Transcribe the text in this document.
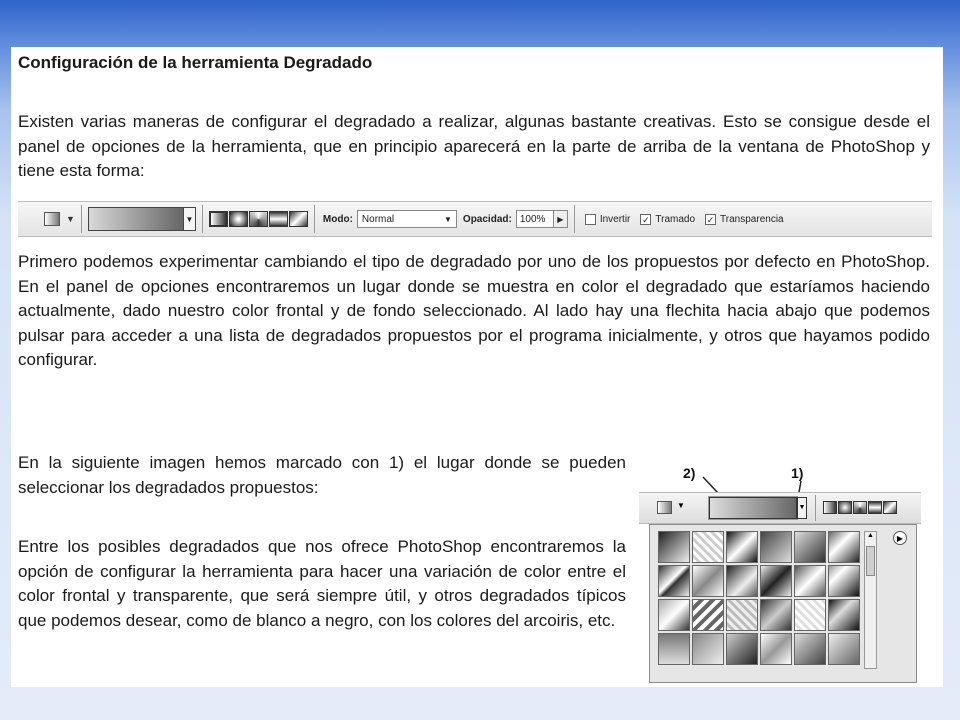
Configuración de la herramienta Degradado

Existen varias maneras de configurar el degradado a realizar, algunas bastante creativas. Esto se consigue desde el panel de opciones de la herramienta, que en principio aparecerá en la parte de arriba de la ventana de PhotoShop y tiene esta forma:

▼	▼	Modo: Normal	▼ Opacidad: 100%	▶	Invertir ✓ Tramado ✓ Transparencia

Primero podemos experimentar cambiando el tipo de degradado por uno de los propuestos por defecto en PhotoShop. En el panel de opciones encontraremos un lugar donde se muestra en color el degradado que estaríamos haciendo actualmente, dado nuestro color frontal y de fondo seleccionado. Al lado hay una flechita hacia abajo que podemos pulsar para acceder a una lista de degradados propuestos por el programa inicialmente, y otros que hayamos podido configurar.

En la siguiente imagen hemos marcado con 1) el lugar donde se pueden seleccionar los degradados propuestos:

Entre los posibles degradados que nos ofrece PhotoShop encontraremos la opción de configurar la herramienta para hacer una variación de color entre el color frontal y transparente, que será siempre útil, y otros degradados típicos que podemos desear, como de blanco a negro, con los colores del arcoiris, etc.

2)	1)
▼	▼
▲	▶
